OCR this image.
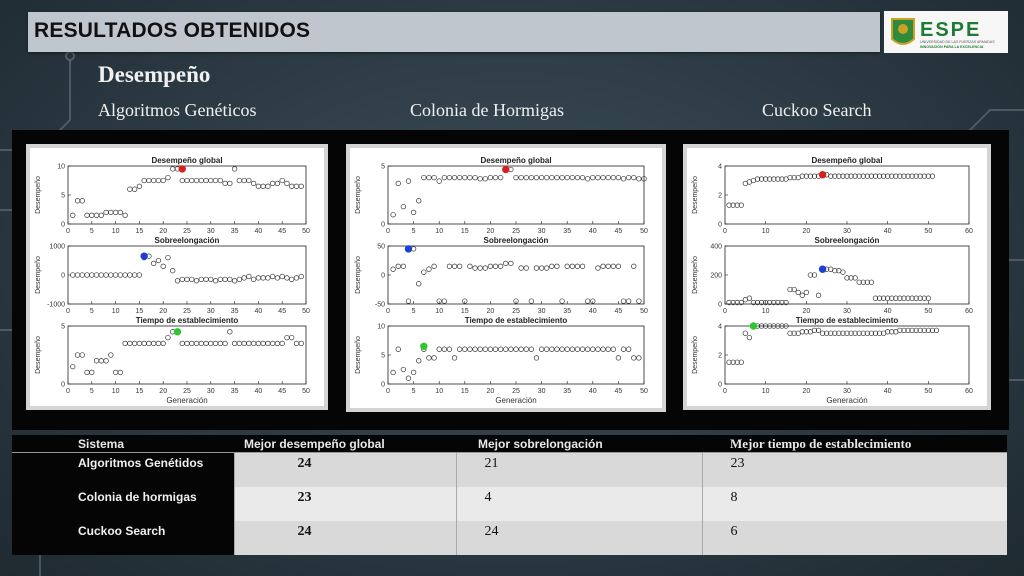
RESULTADOS OBTENIDOS	ESPE
UNIVERSIDAD DE LAS FUERZAS ARMADAS
INNOVACIÓN PARA LA EXCELENCIA
Desempeño
Algoritmos Genéticos	Colonia de Hormigas	Cuckoo Search
Desempeño global
Desempeño
0
5
10
0	5	10 15 20 25 30 35 40 45 50
Sobreelongación
Desempeño
-1000
0
1000
0	5	10 15 20 25 30 35 40 45 50
Tiempo de establecimiento
Desempeño
0
5
0	5	10 15 20 25 30 35 40 45 50
Generación
Desempeño global
Desempeño
0
5
0	5	10	15	20	25	30	35	40	45	50
Sobreelongación
Desempeño
-50
0
50
0	5	10	15	20	25	30	35	40	45	50
Tiempo de establecimiento
Desempeño
0
5
10
0	5	10	15	20	25	30	35	40	45	50
Generación
Desempeño global
Desempeño
0
2
4
0	10	20	30	40	50	60
Sobreelongación
Desempeño
0
200
400
0	10	20	30	40	50	60
Tiempo de establecimiento
Desempeño
0
2
4
0	10	20	30	40	50	60
Generación
Sistema	Mejor desempeño global	Mejor sobrelongación	Mejor tiempo de establecimiento
Algoritmos Genétidos	24	21	23
Colonia de hormigas	23	4	8
Cuckoo Search	24	24	6
